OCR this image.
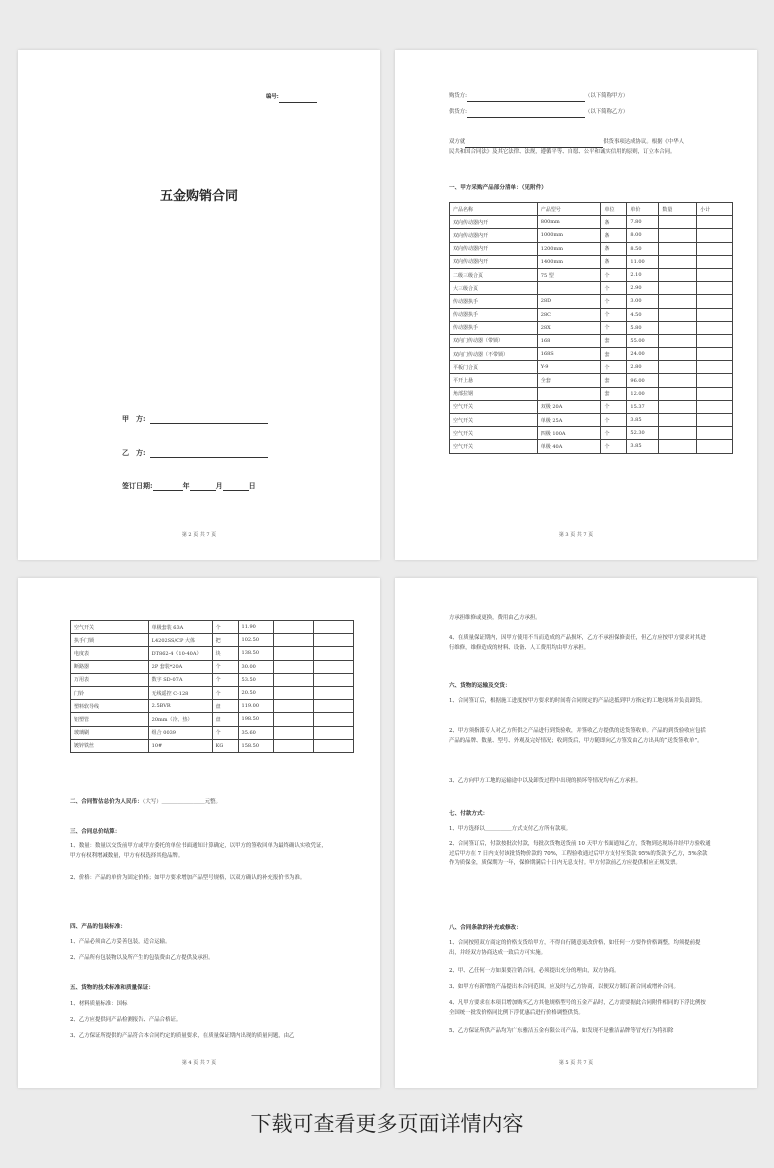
编号:
五金购销合同
甲　方:
乙　方:
签订日期:	年	月	日
第 2 页 共 7 页
购货方:	（以下简称甲方）
供货方:	（以下简称乙方）
双方就	供货事项达成协议。根据《中华人
民共和国合同法》及其它法律、法规，遵循平等、自愿、公平和诚实信用的原则，订立本合同。
一、甲方采购产品部分清单：（见附件）
产品名称	产品型号	单位	单价	数量	小计
双向传动器内开	800mm	条	7.80		
双向传动器内开	1000mm	条	8.00		
双向传动器内开	1200mm	条	8.50		
双向传动器内开	1400mm	条	11.00		
二级三级合页	75 型	个	2.10		
大三级合页		个	2.90		
传动器执手	28D	个	3.00		
传动器执手	28C	个	4.50		
传动器执手	28X	个	5.80		
双向门传动器（带锁）	168	套	55.00		
双向门传动器（不带锁）	168S	套	24.00		
平板门合页	Y-9	个	2.80		
平开上悬	全套	套	96.00		
角部拉钢		套	12.00		
空气开关	双极 20A	个	15.37		
空气开关	单极 25A	个	3.85		
空气开关	四极 100A	个	52.30		
空气开关	单极 40A	个	3.85		
第 3 页 共 7 页
空气开关	单极套装 63A	个	11.90		
执手门锁	L4202SS/CP 大体	把	102.50		
电度表	DT862-4（10-40A）	块	138.50		
断路器	2P 套装*20A	个	30.00		
万用表	数字 SD-07A	个	53.50		
门铃	无线遥控 C-128	个	20.50		
塑料软导线	2.5BVR	盘	119.00		
铝塑管	20mm（冷、热）	盘	198.50		
玻璃刷	组合 0039	个	35.60		
镀锌铁丝	10#	KG	158.50		
二、合同暂估总价为人民币：（大写）＿＿＿＿＿＿＿＿元整。
三、合同总价结算：
1、数量：数量以交货前甲方或甲方委托的单位书面通知计算确定，以甲方的签收回单为最终确认实收凭证，甲方有权利增减数量，甲方有权选择其他品牌。
2、价格：产品的单价为固定价格；如甲方要求增加产品型号规格，以双方确认的补充报价书为准。
四、产品的包装标准：
1、产品必须由乙方妥善包装，适合运输。
2、产品所有包装物以及所产生的包装费由乙方提供及承担。
五、货物的技术标准和质量保证：
1、材料质量标准：国标
2、乙方应提供同产品检测报告、产品合格证。
3、乙方保证所提供的产品符合本合同约定的质量要求，在质量保证期内出现的质量问题，由乙
第 4 页 共 7 页
方承担维修或更换，费用由乙方承担。
4、在质量保证期内，因甲方使用不当而造成的产品损坏，乙方不承担保修责任，但乙方应按甲方要求对其进行维修，维修造成的材料、设备、人工费用均由甲方承担。
六、货物的运输及交货：
1、合同签订后，根据施工进度按甲方要求的时间将合同规定的产品送抵到甲方指定的工地现场并负责卸货。
2、甲方须指派专人对乙方所供之产品进行到货验收，并签收乙方提供的送货签收单。产品的到货验收应包括产品的品牌、数量、型号、外观及完好情况；收到货后，甲方随即向乙方签发由乙方出具的“送货签收单”。
3、乙方向甲方工地的运输途中以及卸货过程中出现的损坏等情况均有乙方承担。
七、付款方式：
1、甲方选择以＿＿＿＿＿方式支付乙方所有款项。
2、合同签订后，付款按批次付款，每批次货物送货前 10 天甲方书面通知乙方，货物到达现场并经甲方验收通过后甲方在 7 日内支付该批货物价款的 70%，工程验收通过后甲方支付至货款 95%的货款予乙方，5%余款作为质保金，质保期为一年，保修期满后十日内无息支付。甲方付款前乙方应提供相应正规发票。
八、合同条款的补充或修改：
1、合同按照双方商定的价格支货给甲方，不得自行随意更改价格，如任何一方要作价格调整，均须提前提出，并经双方协商达成一致后方可实施。
2、甲、乙任何一方如果要注销合同，必须提出充分的理由，双方协商。
3、如甲方有新增的产品提出本合同范围，应及时与乙方协商，以便双方制订新合同或增补合同。
4、凡甲方要求在本项目增加购买乙方其他规格型号的五金产品时，乙方需要据此合同附件相同的下浮比例按全国统一批发价格同比例下浮优惠后进行价格调整供货。
5、乙方保证所供产品均为广东雅洁五金有限公司产品，如发现不是雅洁品牌等冒充行为将扣除
第 5 页 共 7 页
下载可查看更多页面详情内容
